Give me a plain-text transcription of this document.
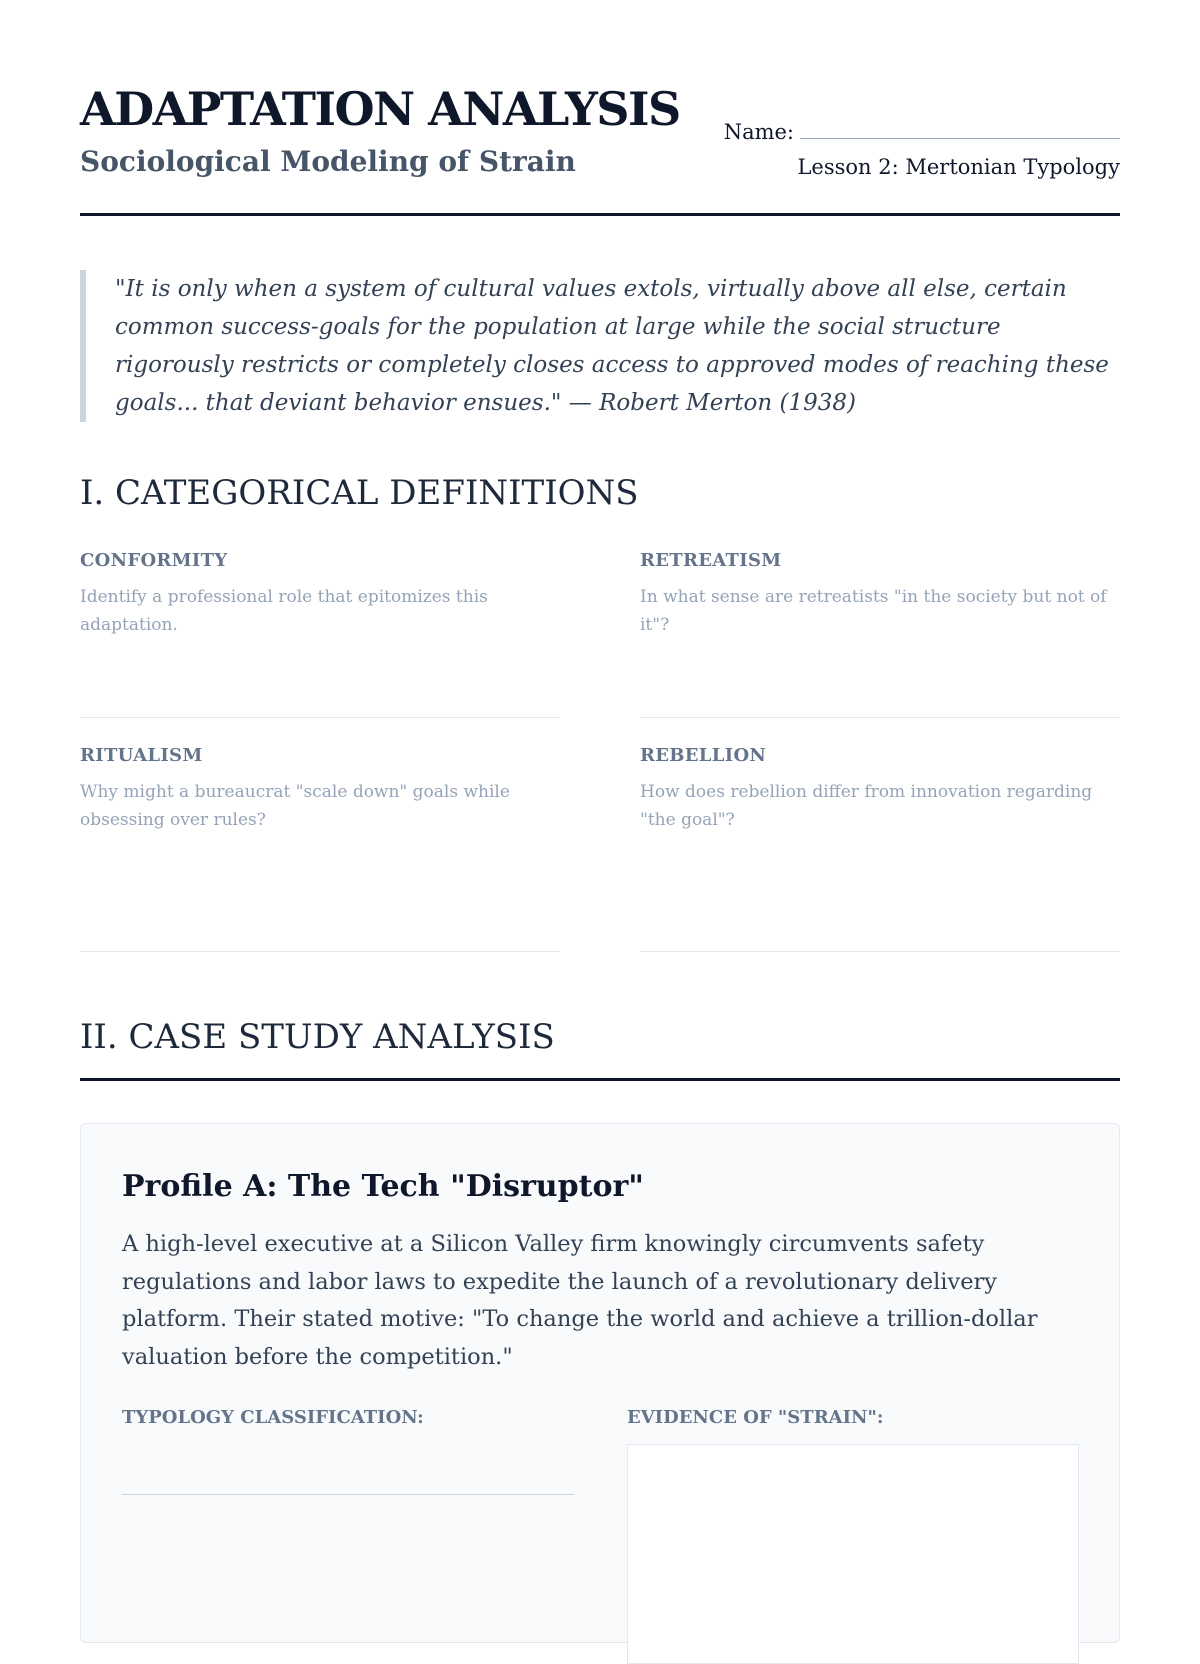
ADAPTATION ANALYSIS
Sociological Modeling of Strain
Name:
Lesson 2: Mertonian Typology

"It is only when a system of cultural values extols, virtually above all else, certain common success-goals for the population at large while the social structure rigorously restricts or completely closes access to approved modes of reaching these goals... that deviant behavior ensues." — Robert Merton (1938)

I. CATEGORICAL DEFINITIONS

CONFORMITY

Identify a professional role that epitomizes this adaptation.

RETREATISM

In what sense are retreatists "in the society but not of it"?

RITUALISM

Why might a bureaucrat "scale down" goals while obsessing over rules?

REBELLION

How does rebellion differ from innovation regarding "the goal"?

II. CASE STUDY ANALYSIS
Profile A: The Tech "Disruptor"

A high-level executive at a Silicon Valley firm knowingly circumvents safety regulations and labor laws to expedite the launch of a revolutionary delivery platform. Their stated motive: "To change the world and achieve a trillion-dollar valuation before the competition."

TYPOLOGY CLASSIFICATION:	EVIDENCE OF "STRAIN":
